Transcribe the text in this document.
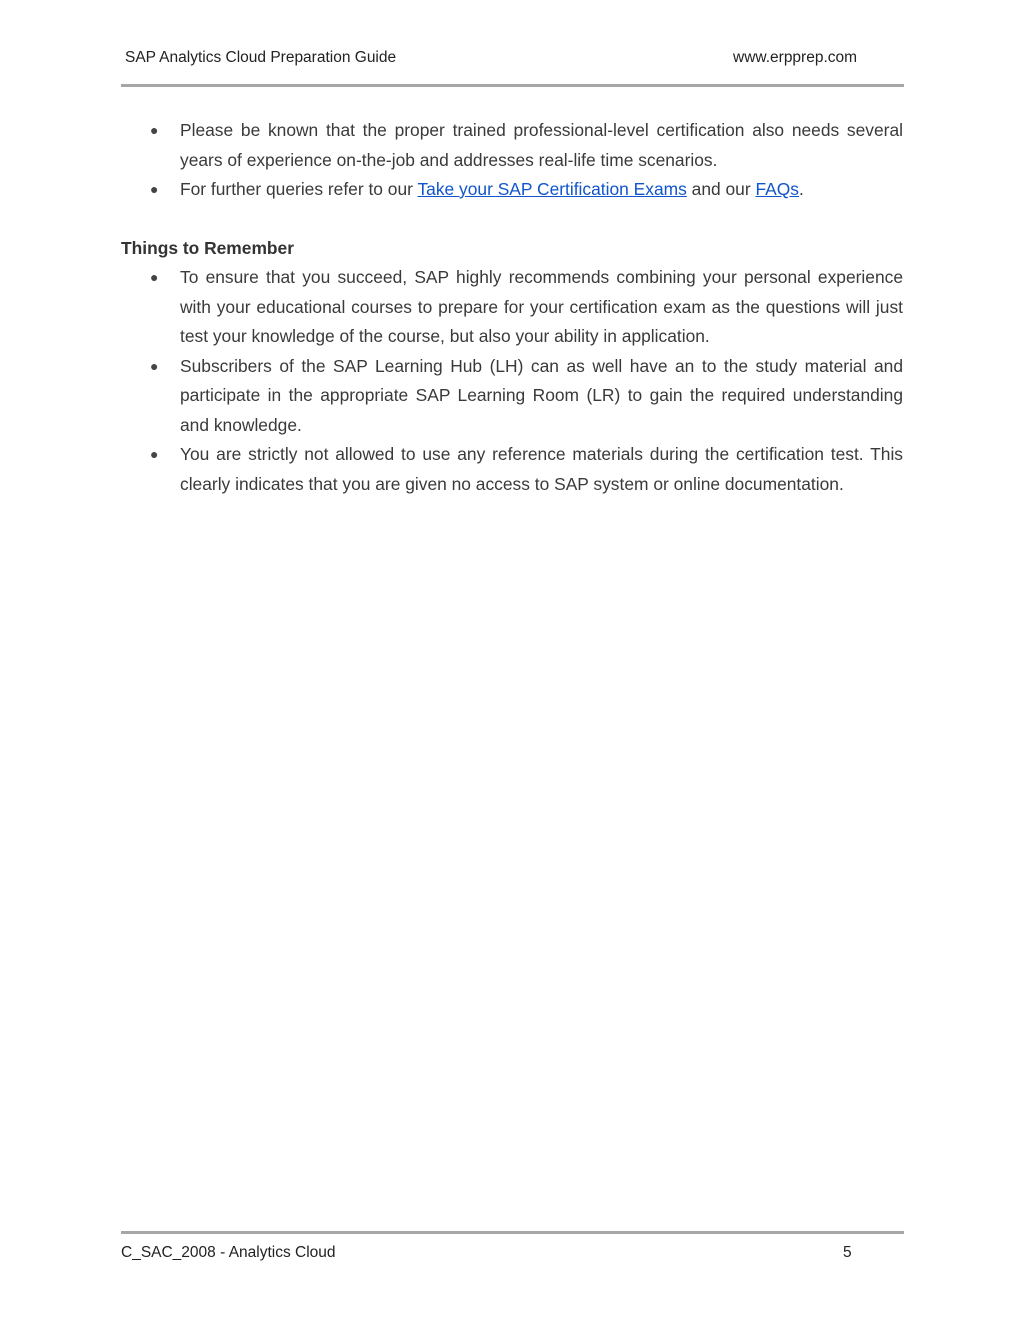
SAP Analytics Cloud Preparation Guide	www.erpprep.com
● Please be known that the proper trained professional-level certification also needs several years of experience on-the-job and addresses real-life time scenarios.
● For further queries refer to our Take your SAP Certification Exams and our FAQs.
Things to Remember
● To ensure that you succeed, SAP highly recommends combining your personal experience with your educational courses to prepare for your certification exam as the questions will just test your knowledge of the course, but also your ability in application.
● Subscribers of the SAP Learning Hub (LH) can as well have an to the study material and participate in the appropriate SAP Learning Room (LR) to gain the required understanding and knowledge.
● You are strictly not allowed to use any reference materials during the certification test. This clearly indicates that you are given no access to SAP system or online documentation.
C_SAC_2008 - Analytics Cloud	5
